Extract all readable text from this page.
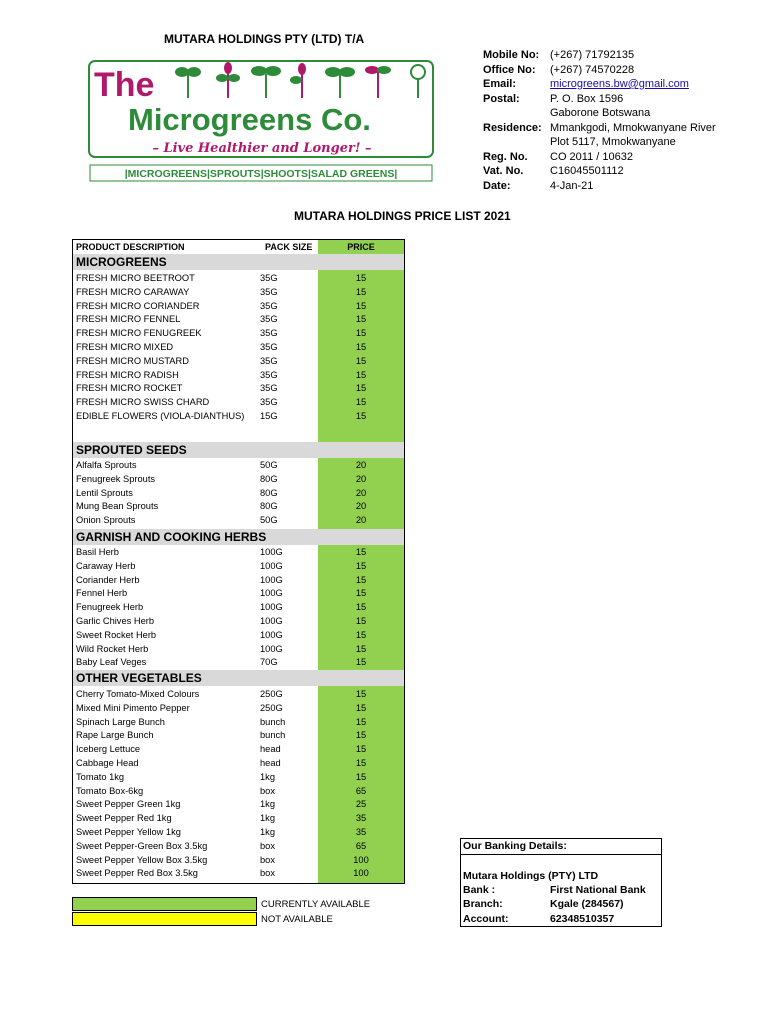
MUTARA HOLDINGS PTY (LTD) T/A
The
Microgreens Co.
– Live Healthier and Longer! –
|MICROGREENS|SPROUTS|SHOOTS|SALAD GREENS|
Mobile No: (+267) 71792135
Office No:	(+267) 74570228
Email:	microgreens.bw@gmail.com
Postal:	P. O. Box 1596
Gaborone Botswana
Residence: Mmankgodi, Mmokwanyane River
Plot 5117, Mmokwanyane
Reg. No.	CO 2011 / 10632
Vat. No.	C16045501112
Date:	4-Jan-21
MUTARA HOLDINGS PRICE LIST 2021
PRODUCT DESCRIPTION	PACK SIZE	PRICE
MICROGREENS
FRESH MICRO BEETROOT	35G	15
FRESH MICRO CARAWAY	35G	15
FRESH MICRO CORIANDER	35G	15
FRESH MICRO FENNEL	35G	15
FRESH MICRO FENUGREEK	35G	15
FRESH MICRO MIXED	35G	15
FRESH MICRO MUSTARD	35G	15
FRESH MICRO RADISH	35G	15
FRESH MICRO ROCKET	35G	15
FRESH MICRO SWISS CHARD	35G	15
EDIBLE FLOWERS (VIOLA-DIANTHUS) 15G	15
SPROUTED SEEDS
Alfalfa Sprouts	50G	20
Fenugreek Sprouts	80G	20
Lentil Sprouts	80G	20
Mung Bean Sprouts	80G	20
Onion Sprouts	50G	20
GARNISH AND COOKING HERBS
Basil Herb	100G	15
Caraway Herb	100G	15
Coriander Herb	100G	15
Fennel Herb	100G	15
Fenugreek Herb	100G	15
Garlic Chives Herb	100G	15
Sweet Rocket Herb	100G	15
Wild Rocket Herb	100G	15
Baby Leaf Veges	70G	15
OTHER VEGETABLES
Cherry Tomato-Mixed Colours	250G	15
Mixed Mini Pimento Pepper	250G	15
Spinach Large Bunch	bunch	15
Rape Large Bunch	bunch	15
Iceberg Lettuce	head	15
Cabbage Head	head	15
Tomato 1kg	1kg	15
Tomato Box-6kg	box	65
Sweet Pepper Green 1kg	1kg	25
Sweet Pepper Red 1kg	1kg	35
Sweet Pepper Yellow 1kg	1kg	35
Sweet Pepper-Green Box 3.5kg	box	65
Sweet Pepper Yellow Box 3.5kg	box	100
Sweet Pepper Red Box 3.5kg	box	100
CURRENTLY AVAILABLE
NOT AVAILABLE
Our Banking Details:
Mutara Holdings (PTY) LTD
Bank :	First National Bank
Branch:	Kgale (284567)
Account:	62348510357
